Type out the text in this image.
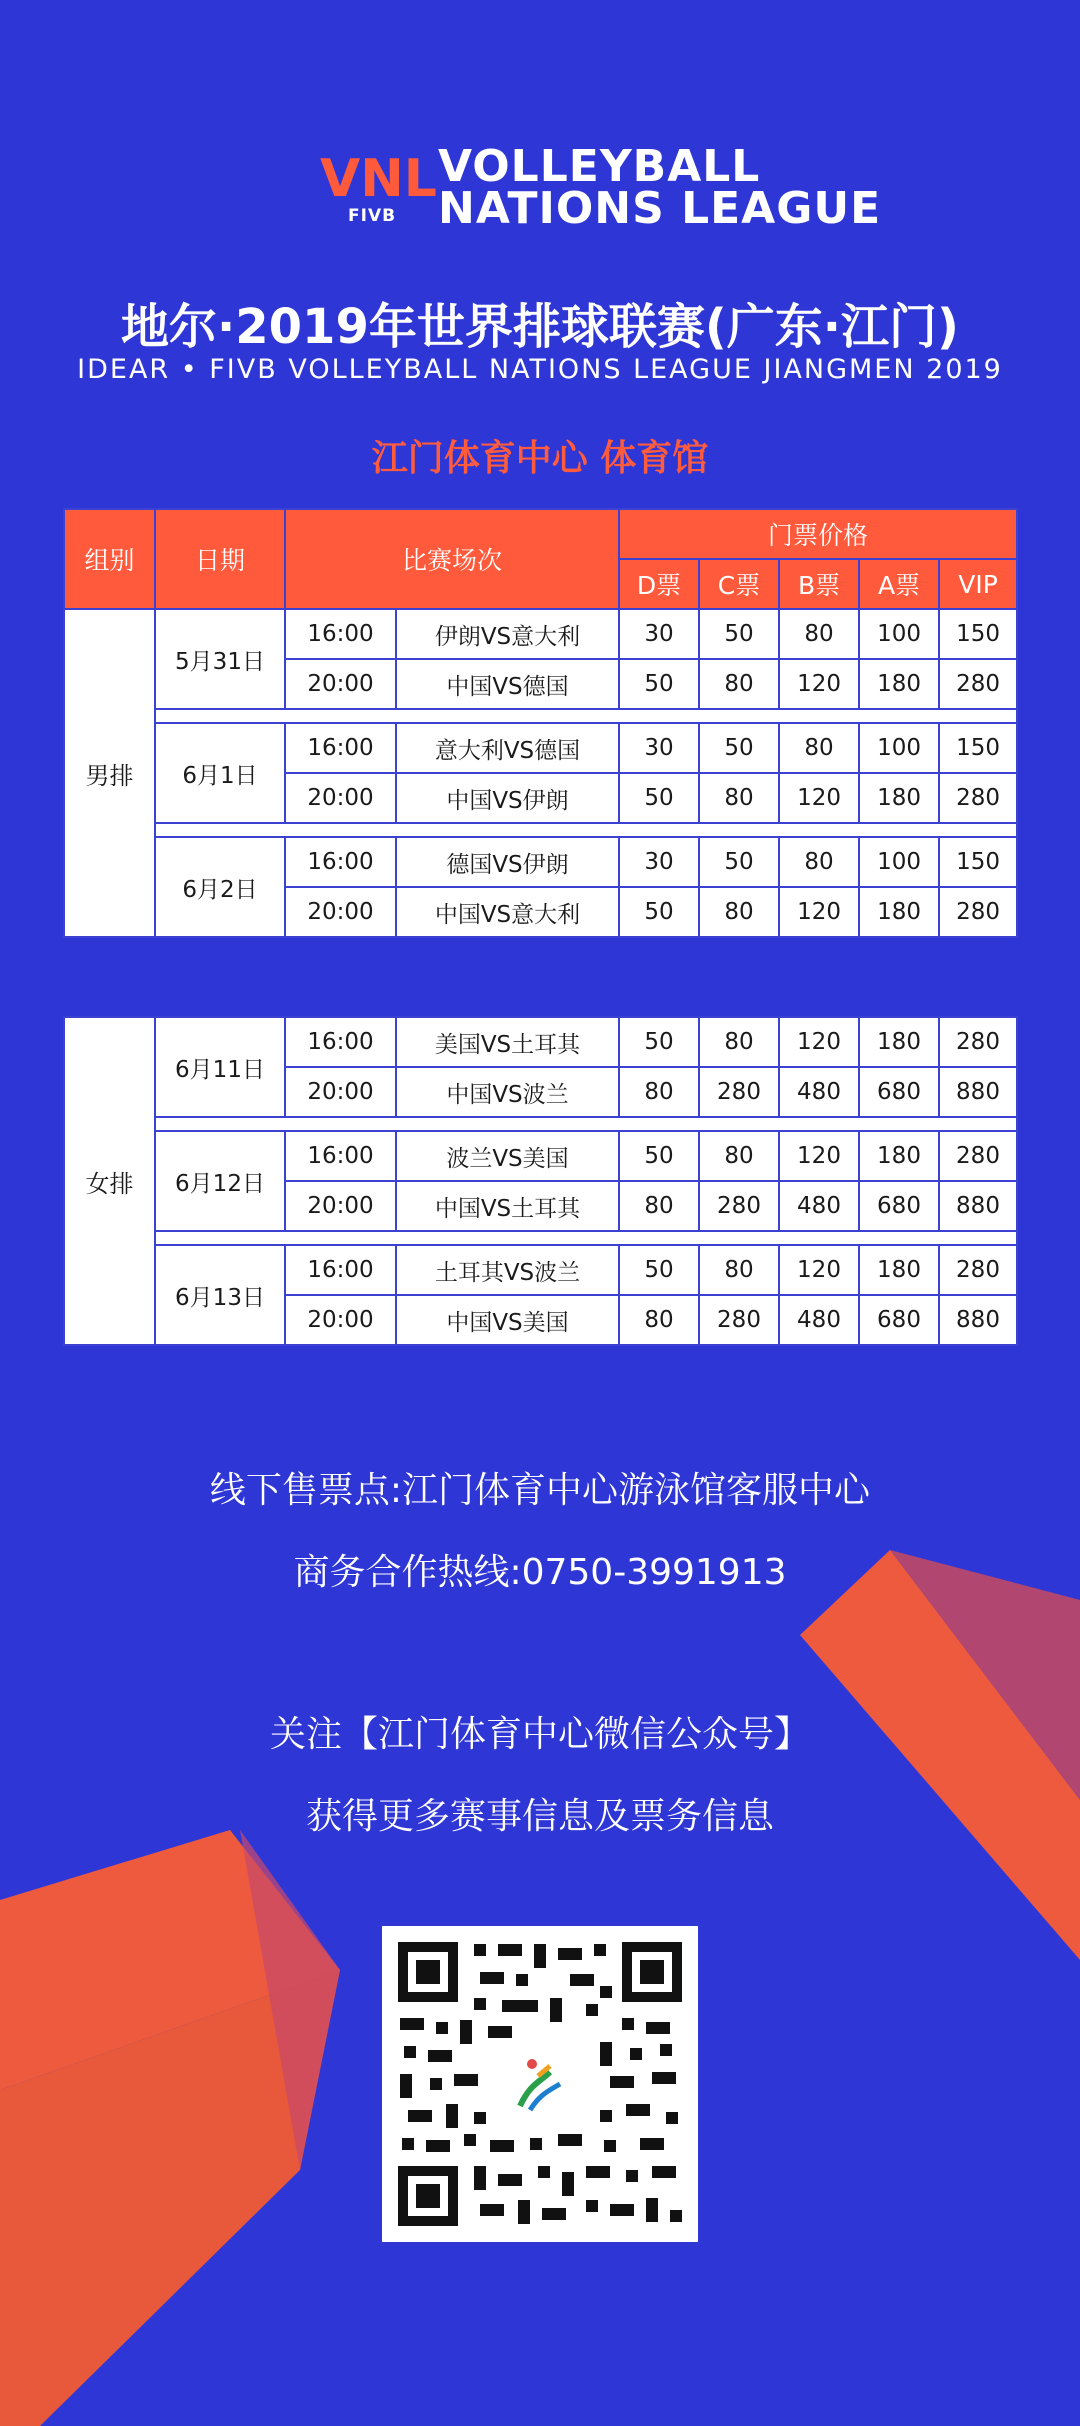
VNL
FIVB
VOLLEYBALL
NATIONS LEAGUE
地尔·2019年世界排球联赛(广东·江门)
IDEAR • FIVB VOLLEYBALL NATIONS LEAGUE JIANGMEN 2019
江门体育中心 体育馆
组别	日期	比赛场次		门票价格				
				D票	C票	B票	A票	VIP
男排	5月31日	16:00	伊朗VS意大利	30	50	80	100	150
		20:00	中国VS德国	50	80	120	180	280

	6月1日	16:00	意大利VS德国	30	50	80	100	150
		20:00	中国VS伊朗	50	80	120	180	280

	6月2日	16:00	德国VS伊朗	30	50	80	100	150
		20:00	中国VS意大利	50	80	120	180	280
女排	6月11日	16:00	美国VS土耳其	50	80	120	180	280
		20:00	中国VS波兰	80	280	480	680	880

	6月12日	16:00	波兰VS美国	50	80	120	180	280
		20:00	中国VS土耳其	80	280	480	680	880

	6月13日	16:00	土耳其VS波兰	50	80	120	180	280
		20:00	中国VS美国	80	280	480	680	880
线下售票点:江门体育中心游泳馆客服中心
商务合作热线:0750-3991913
关注【江门体育中心微信公众号】
获得更多赛事信息及票务信息
